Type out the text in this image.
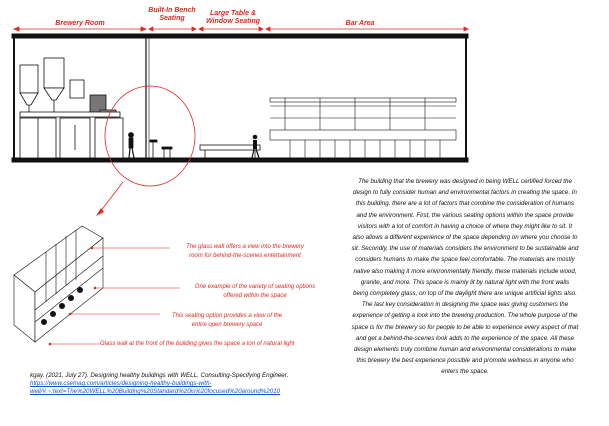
Brewery Room
Built-In Bench
Seating
Large Table &
Window Seating	Bar Area
The glass wall offers a view into the brewery
room for behind-the-scenes entertainment
One example of the variety of seating options
offered within the space
This seating option provides a view of the
entire open brewery space
Glass wall at the front of the building gives the space a ton of natural light
The building that the brewery was designed in being WELL certified forced the
design to fully consider human and environmental factors in creating the space. In
this building, there are a lot of factors that combine the consideration of humans
and the environment. First, the various seating options within the space provide
visitors with a lot of comfort in having a choice of where they might like to sit. It
also allows a different experience of the space depending on where you choose to
sit. Secondly, the use of materials considers the environment to be sustainable and
considers humans to make the space feel comfortable. The materials are mostly
native also making it more environmentally friendly, these materials include wood,
granite, and more. This space is mainly lit by natural light with the front walls
being completely glass, on top of the daylight there are unique artificial lights also.
The last key consideration in designing the space was giving customers the
experience of getting a look into the brewing production. The whole purpose of the
space is for the brewery so for people to be able to experience every aspect of that
and get a behind-the-scenes look adds to the experience of the space. All these
design elements truly combine human and environmental considerations to make
this brewery the best experience possible and promote wellness in anyone who
enters the space.
kgay. (2021, July 27). Designing healthy buildings with WELL. Consulting-Specifying Engineer.
https://www.csemag.com/articles/designing-healthy-buildings-with-
well/#:~:text=The%20WELL%20Building%20Standard%20is%20focused%20around%2010
